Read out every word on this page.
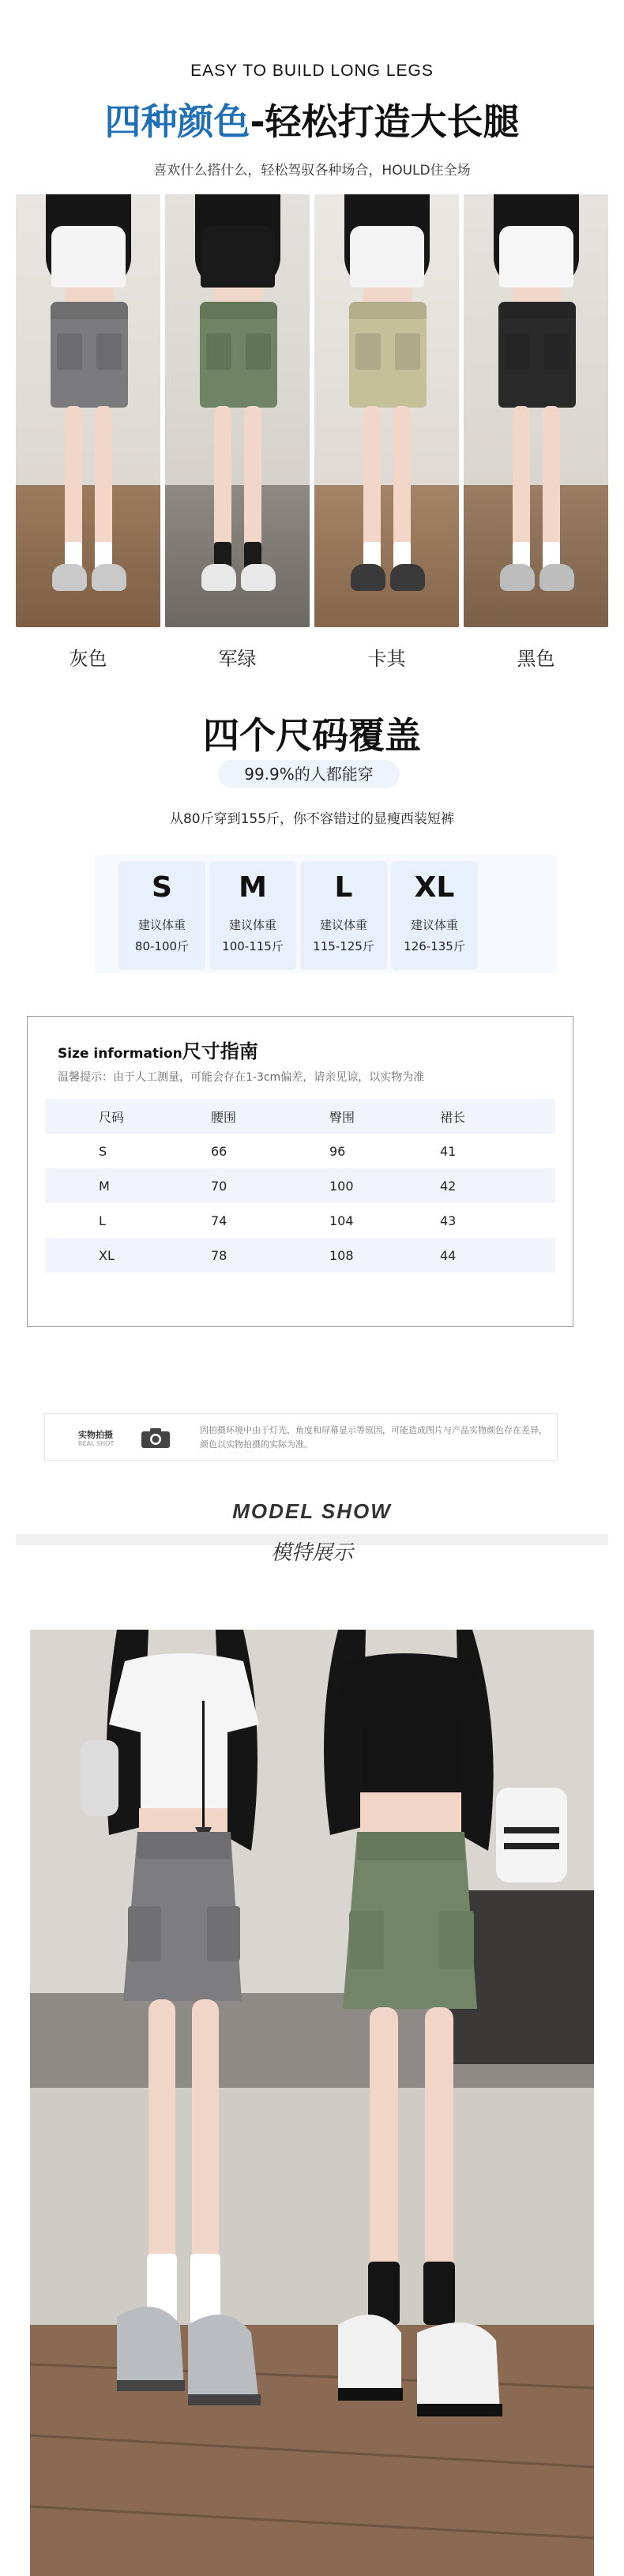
EASY TO BUILD LONG LEGS
四种颜色-轻松打造大长腿
喜欢什么搭什么，轻松驾驭各种场合，HOULD住全场
灰色	军绿	卡其	黑色
四个尺码覆盖
99.9%的人都能穿
从80斤穿到155斤，你不容错过的显瘦西装短裤
S
建议体重
80-100斤
M
建议体重
100-115斤
L
建议体重
115-125斤
XL
建议体重
126-135斤
Size information尺寸指南
温馨提示：由于人工测量，可能会存在1-3cm偏差，请亲见谅，以实物为准
尺码	腰围	臀围	裙长
S	66	96	41
M	70	100	42
L	74	104	43
XL	78	108	44
实物拍摄
REAL SHOT
因拍摄环境中由于灯光、角度和屏幕显示等原因，可能造成图片与产品实物颜色存在差异，颜色以实物拍摄的实际为准。
MODEL SHOW
模特展示
